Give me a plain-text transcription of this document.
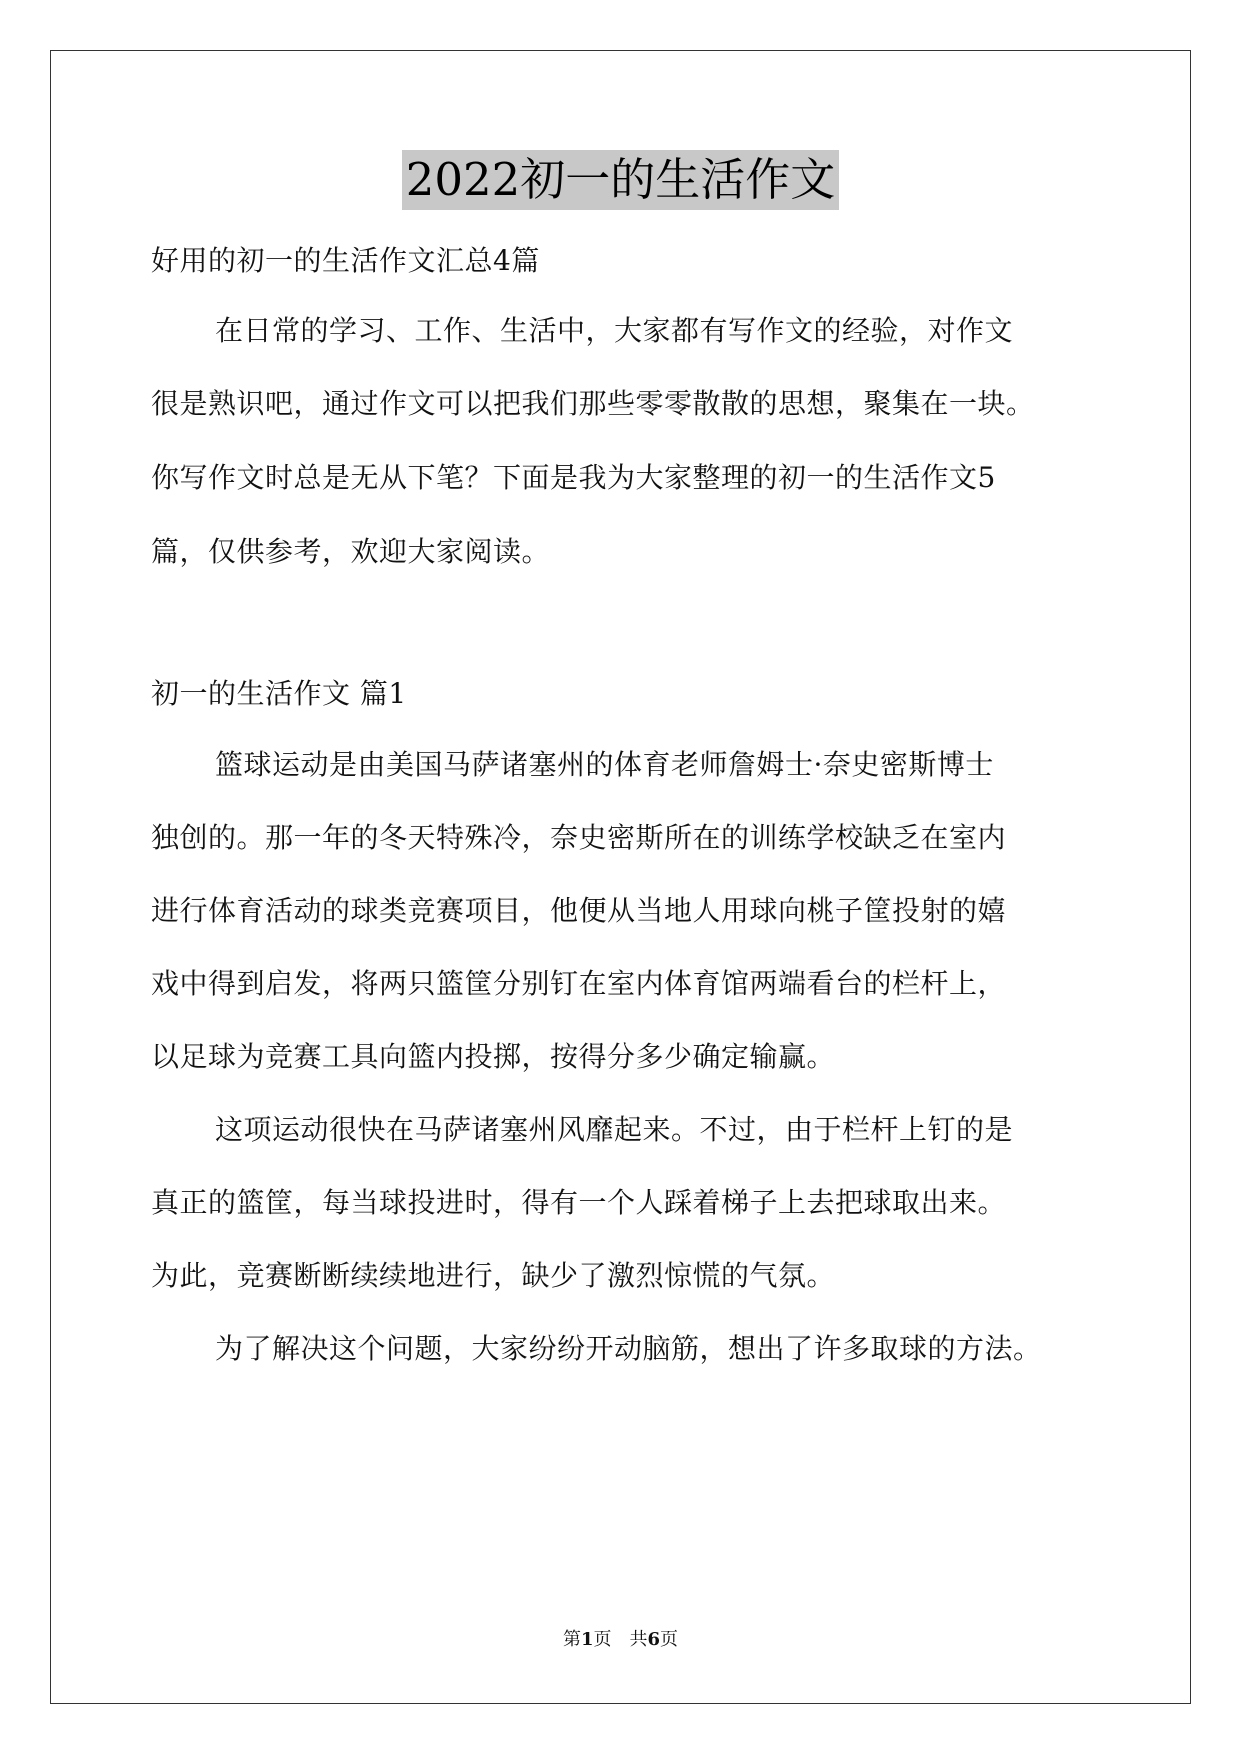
2022初一的生活作文
好用的初一的生活作文汇总4篇
在日常的学习、工作、生活中，大家都有写作文的经验，对作文
很是熟识吧，通过作文可以把我们那些零零散散的思想，聚集在一块。
你写作文时总是无从下笔？下面是我为大家整理的初一的生活作文5
篇，仅供参考，欢迎大家阅读。
初一的生活作文 篇1
篮球运动是由美国马萨诸塞州的体育老师詹姆士·奈史密斯博士
独创的。那一年的冬天特殊冷，奈史密斯所在的训练学校缺乏在室内
进行体育活动的球类竞赛项目，他便从当地人用球向桃子筐投射的嬉
戏中得到启发，将两只篮筐分别钉在室内体育馆两端看台的栏杆上，
以足球为竞赛工具向篮内投掷，按得分多少确定输赢。
这项运动很快在马萨诸塞州风靡起来。不过，由于栏杆上钉的是
真正的篮筐，每当球投进时，得有一个人踩着梯子上去把球取出来。
为此，竞赛断断续续地进行，缺少了激烈惊慌的气氛。
为了解决这个问题，大家纷纷开动脑筋，想出了许多取球的方法。
第1页　共6页
